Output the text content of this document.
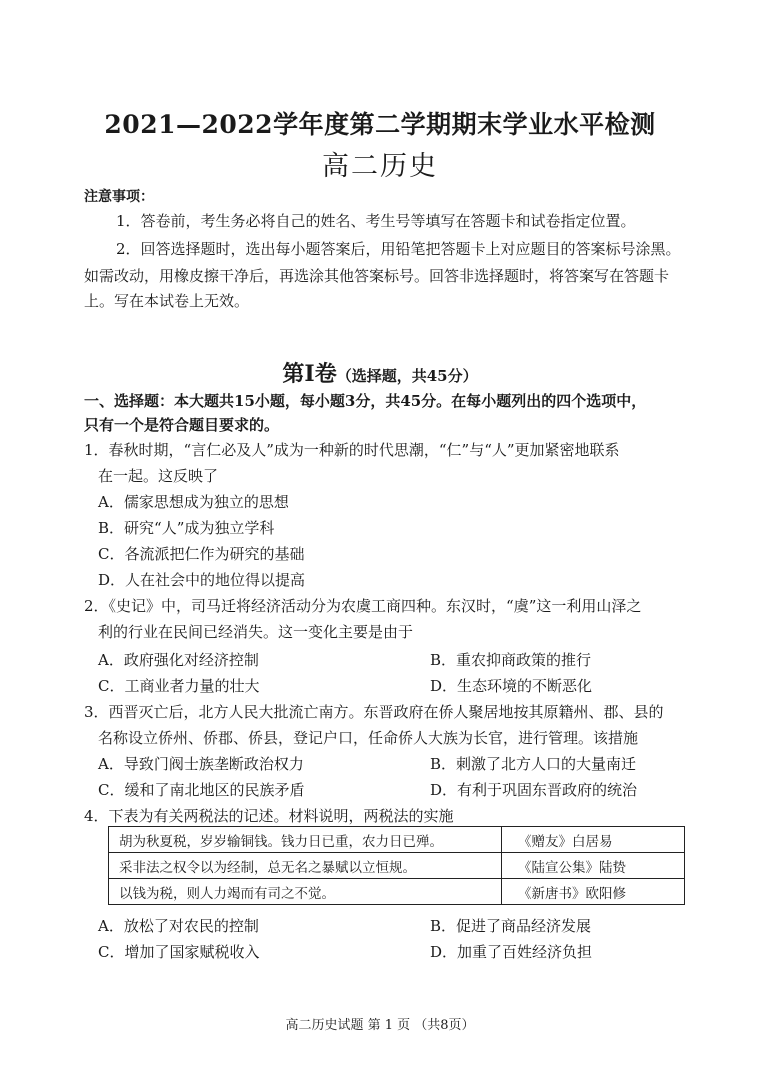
2021—2022学年度第二学期期末学业水平检测
高二历史
注意事项：
1．答卷前，考生务必将自己的姓名、考生号等填写在答题卡和试卷指定位置。
2．回答选择题时，选出每小题答案后，用铅笔把答题卡上对应题目的答案标号涂黑。
如需改动，用橡皮擦干净后，再选涂其他答案标号。回答非选择题时，将答案写在答题卡
上。写在本试卷上无效。
第Ⅰ卷（选择题，共45分）
一、选择题：本大题共15小题，每小题3分，共45分。在每小题列出的四个选项中，
只有一个是符合题目要求的。
1．春秋时期，“言仁必及人”成为一种新的时代思潮，“仁”与“人”更加紧密地联系
在一起。这反映了
A．儒家思想成为独立的思想
B．研究“人”成为独立学科
C．各流派把仁作为研究的基础
D．人在社会中的地位得以提高
2．《史记》中，司马迁将经济活动分为农虞工商四种。东汉时，“虞”这一利用山泽之
利的行业在民间已经消失。这一变化主要是由于
A．政府强化对经济控制	B．重农抑商政策的推行
C．工商业者力量的壮大	D．生态环境的不断恶化
3．西晋灭亡后，北方人民大批流亡南方。东晋政府在侨人聚居地按其原籍州、郡、县的
名称设立侨州、侨郡、侨县，登记户口，任命侨人大族为长官，进行管理。该措施
A．导致门阀士族垄断政治权力	B．刺激了北方人口的大量南迁
C．缓和了南北地区的民族矛盾	D．有利于巩固东晋政府的统治
4．下表为有关两税法的记述。材料说明，两税法的实施
胡为秋夏税，岁岁输铜钱。钱力日已重，农力日已殚。	《赠友》白居易
采非法之权令以为经制，总无名之暴赋以立恒规。	《陆宣公集》陆贽
以钱为税，则人力竭而有司之不觉。	《新唐书》欧阳修
A．放松了对农民的控制	B．促进了商品经济发展
C．增加了国家赋税收入	D．加重了百姓经济负担
高二历史试题 第 1 页 （共8页）
